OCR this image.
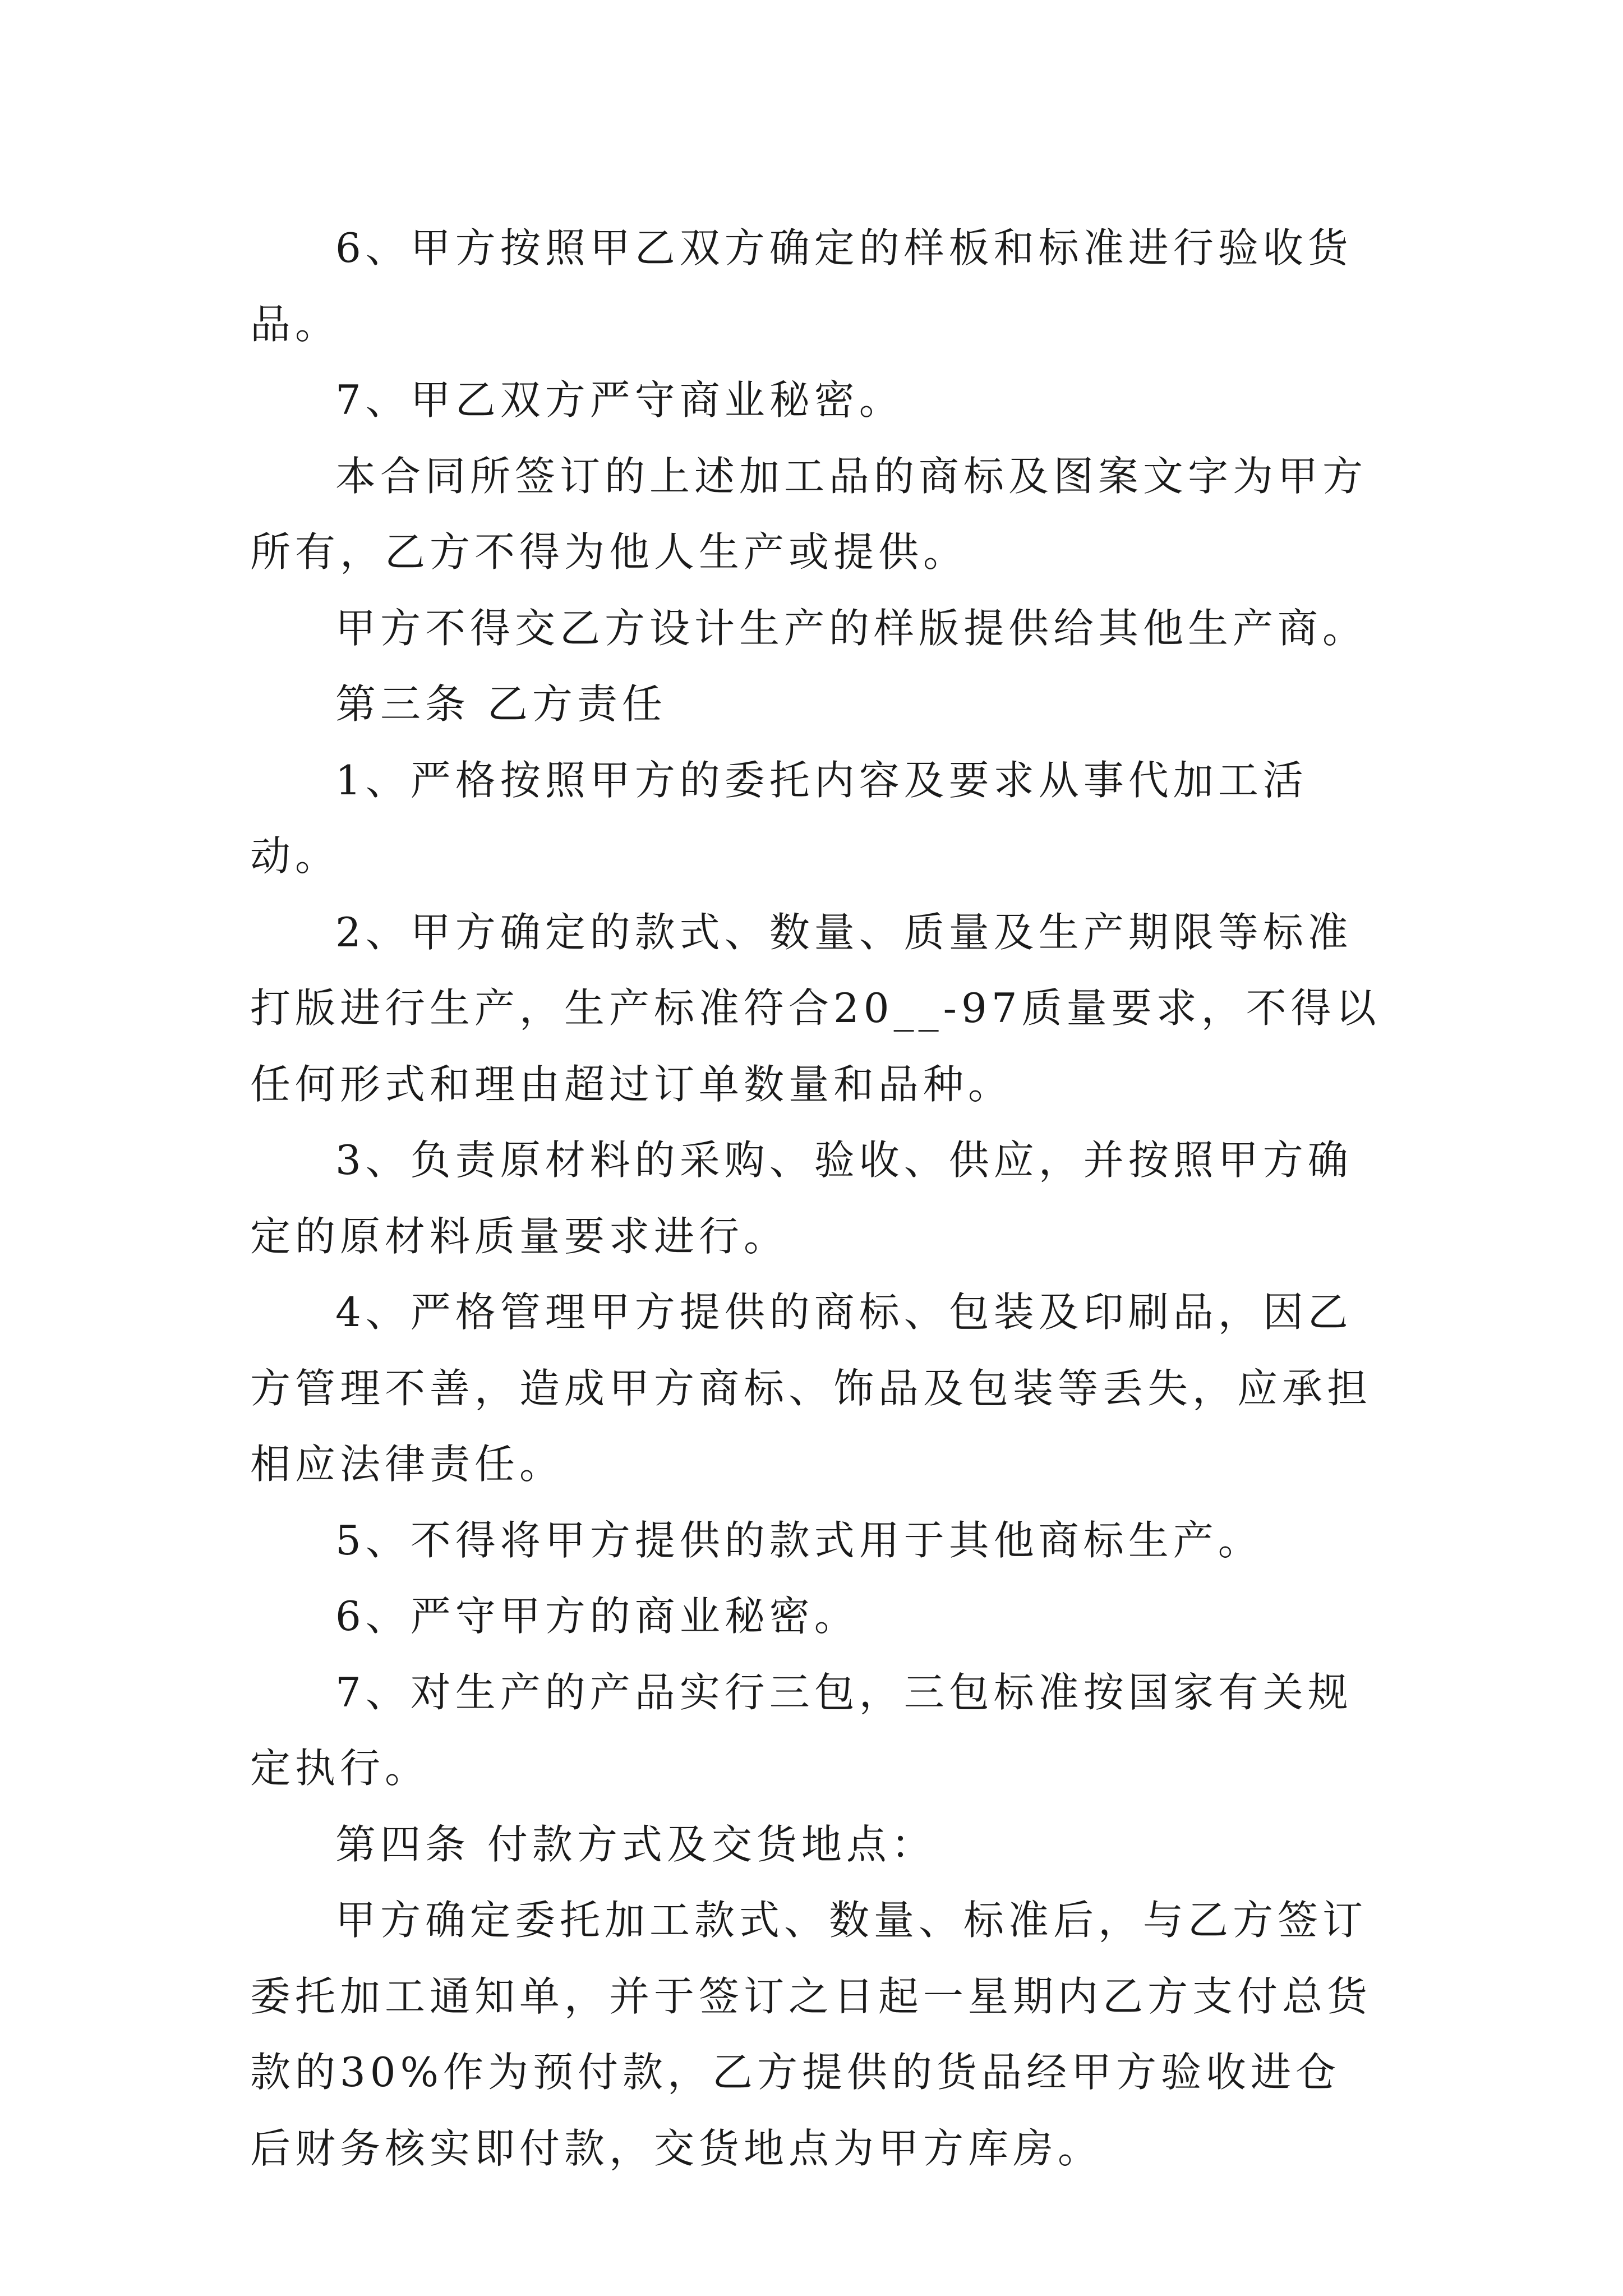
6、甲方按照甲乙双方确定的样板和标准进行验收货品。

7、甲乙双方严守商业秘密。

本合同所签订的上述加工品的商标及图案文字为甲方所有，乙方不得为他人生产或提供。

甲方不得交乙方设计生产的样版提供给其他生产商。

第三条 乙方责任

1、严格按照甲方的委托内容及要求从事代加工活动。

2、甲方确定的款式、数量、质量及生产期限等标准打版进行生产，生产标准符合20__-97质量要求，不得以任何形式和理由超过订单数量和品种。

3、负责原材料的采购、验收、供应，并按照甲方确定的原材料质量要求进行。

4、严格管理甲方提供的商标、包装及印刷品，因乙方管理不善，造成甲方商标、饰品及包装等丢失，应承担相应法律责任。

5、不得将甲方提供的款式用于其他商标生产。

6、严守甲方的商业秘密。

7、对生产的产品实行三包，三包标准按国家有关规定执行。

第四条 付款方式及交货地点：

甲方确定委托加工款式、数量、标准后，与乙方签订委托加工通知单，并于签订之日起一星期内乙方支付总货款的30%作为预付款，乙方提供的货品经甲方验收进仓后财务核实即付款，交货地点为甲方库房。
